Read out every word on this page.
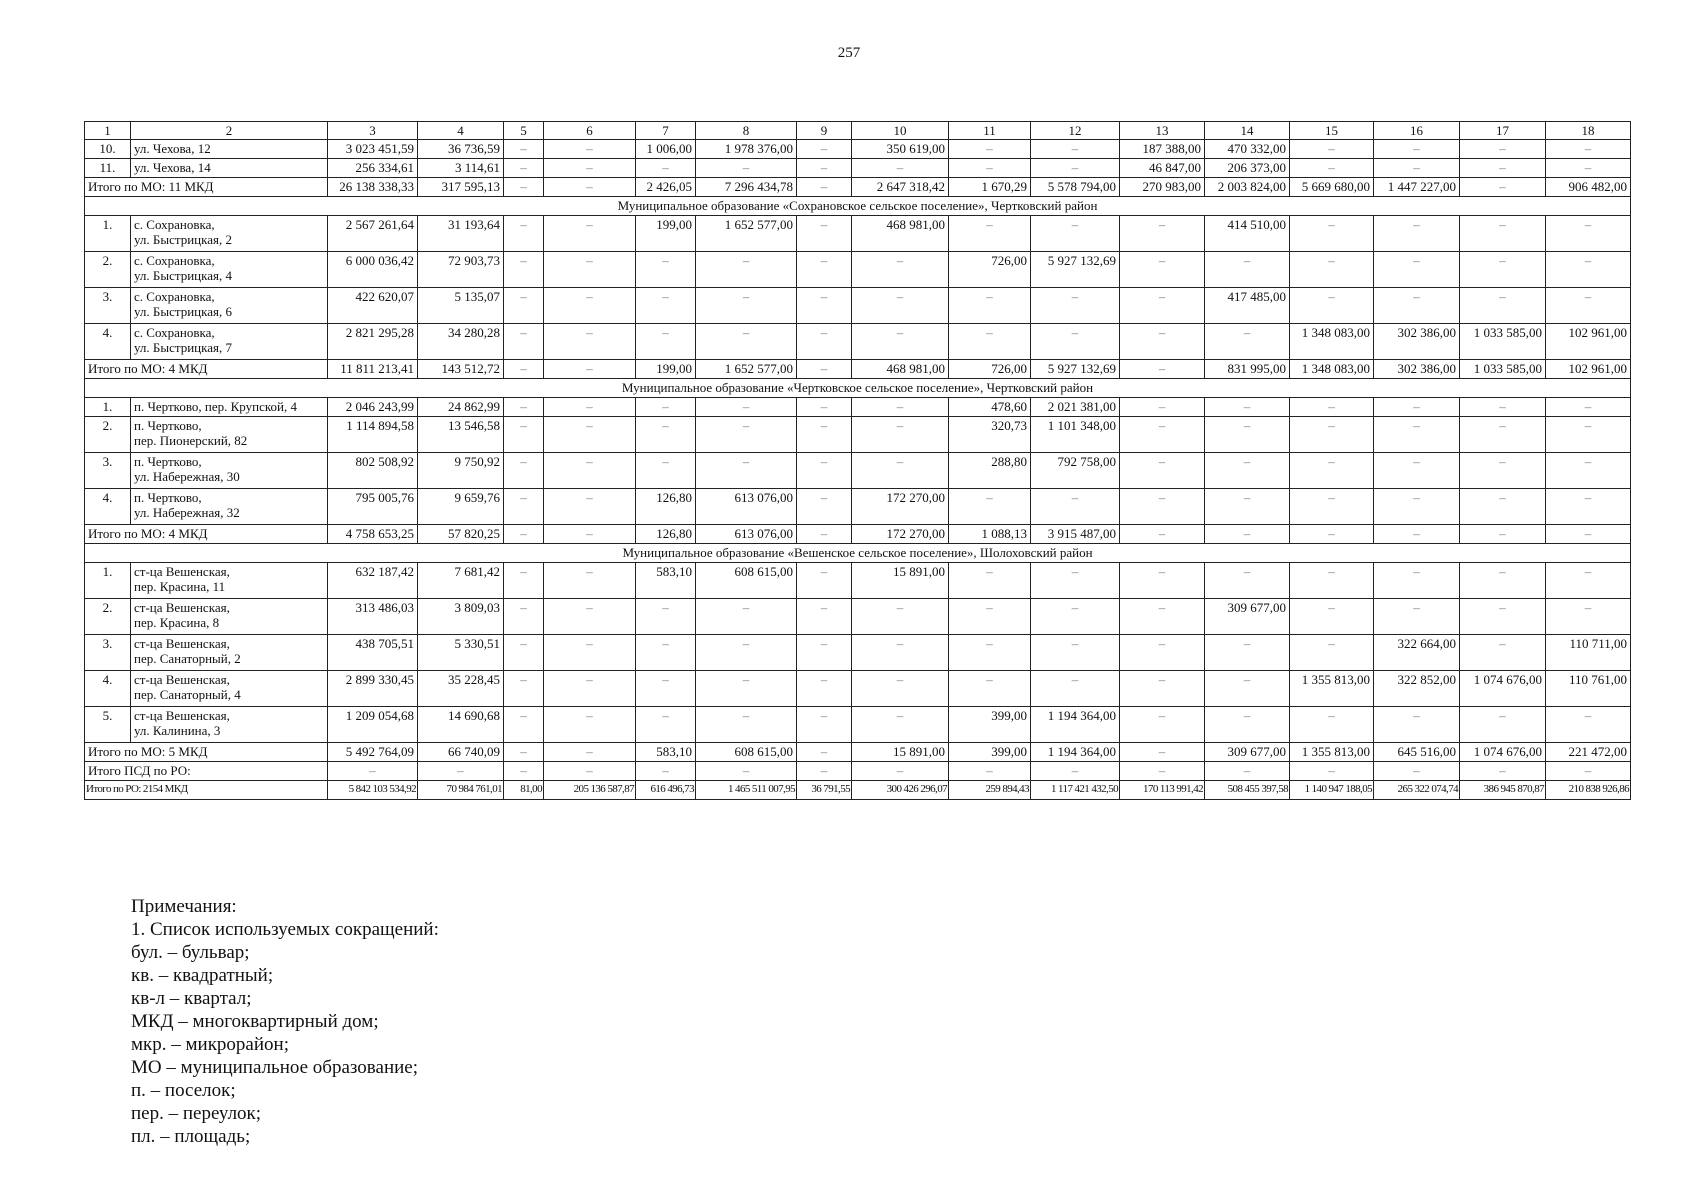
257
1	2	3	4	5	6	7	8	9	10	11	12	13	14	15	16	17	18
10.	ул. Чехова, 12	3 023 451,59	36 736,59	–	–	1 006,00	1 978 376,00	–	350 619,00	–	–	187 388,00	470 332,00	–	–	–	–
11.	ул. Чехова, 14	256 334,61	3 114,61	–	–	–	–	–	–	–	–	46 847,00	206 373,00	–	–	–	–
Итого по МО: 11 МКД		26 138 338,33	317 595,13	–	–	2 426,05	7 296 434,78	–	2 647 318,42	1 670,29	5 578 794,00	270 983,00	2 003 824,00	5 669 680,00	1 447 227,00	–	906 482,00
Муниципальное образование «Сохрановское сельское поселение», Чертковский район																	
1.	с. Сохрановка,
ул. Быстрицкая, 2	2 567 261,64	31 193,64	–	–	199,00	1 652 577,00	–	468 981,00	–	–	–	414 510,00	–	–	–	–
2.	с. Сохрановка,
ул. Быстрицкая, 4	6 000 036,42	72 903,73	–	–	–	–	–	–	726,00	5 927 132,69	–	–	–	–	–	–
3.	с. Сохрановка,
ул. Быстрицкая, 6	422 620,07	5 135,07	–	–	–	–	–	–	–	–	–	417 485,00	–	–	–	–
4.	с. Сохрановка,
ул. Быстрицкая, 7	2 821 295,28	34 280,28	–	–	–	–	–	–	–	–	–	–	1 348 083,00	302 386,00	1 033 585,00	102 961,00
Итого по МО: 4 МКД		11 811 213,41	143 512,72	–	–	199,00	1 652 577,00	–	468 981,00	726,00	5 927 132,69	–	831 995,00	1 348 083,00	302 386,00	1 033 585,00	102 961,00
Муниципальное образование «Чертковское сельское поселение», Чертковский район																	
1.	п. Чертково, пер. Крупской, 4	2 046 243,99	24 862,99	–	–	–	–	–	–	478,60	2 021 381,00	–	–	–	–	–	–
2.	п. Чертково,
пер. Пионерский, 82	1 114 894,58	13 546,58	–	–	–	–	–	–	320,73	1 101 348,00	–	–	–	–	–	–
3.	п. Чертково,
ул. Набережная, 30	802 508,92	9 750,92	–	–	–	–	–	–	288,80	792 758,00	–	–	–	–	–	–
4.	п. Чертково,
ул. Набережная, 32	795 005,76	9 659,76	–	–	126,80	613 076,00	–	172 270,00	–	–	–	–	–	–	–	–
Итого по МО: 4 МКД		4 758 653,25	57 820,25	–	–	126,80	613 076,00	–	172 270,00	1 088,13	3 915 487,00	–	–	–	–	–	–
Муниципальное образование «Вешенское сельское поселение», Шолоховский район																	
1.	ст-ца Вешенская,
пер. Красина, 11	632 187,42	7 681,42	–	–	583,10	608 615,00	–	15 891,00	–	–	–	–	–	–	–	–
2.	ст-ца Вешенская,
пер. Красина, 8	313 486,03	3 809,03	–	–	–	–	–	–	–	–	–	309 677,00	–	–	–	–
3.	ст-ца Вешенская,
пер. Санаторный, 2	438 705,51	5 330,51	–	–	–	–	–	–	–	–	–	–	–	322 664,00	–	110 711,00
4.	ст-ца Вешенская,
пер. Санаторный, 4	2 899 330,45	35 228,45	–	–	–	–	–	–	–	–	–	–	1 355 813,00	322 852,00	1 074 676,00	110 761,00
5.	ст-ца Вешенская,
ул. Калинина, 3	1 209 054,68	14 690,68	–	–	–	–	–	–	399,00	1 194 364,00	–	–	–	–	–	–
Итого по МО: 5 МКД		5 492 764,09	66 740,09	–	–	583,10	608 615,00	–	15 891,00	399,00	1 194 364,00	–	309 677,00	1 355 813,00	645 516,00	1 074 676,00	221 472,00
Итого ПСД по РО:		–	–	–	–	–	–	–	–	–	–	–	–	–	–	–	–
Итого по РО: 2154 МКД		5 842 103 534,92	70 984 761,01	81,00	205 136 587,87	616 496,73	1 465 511 007,95	36 791,55	300 426 296,07	259 894,43	1 117 421 432,50	170 113 991,42	508 455 397,58	1 140 947 188,05	265 322 074,74	386 945 870,87	210 838 926,86
Примечания:
1. Список используемых сокращений:
бул. – бульвар;
кв. – квадратный;
кв-л – квартал;
МКД – многоквартирный дом;
мкр. – микрорайон;
МО – муниципальное образование;
п. – поселок;
пер. – переулок;
пл. – площадь;
